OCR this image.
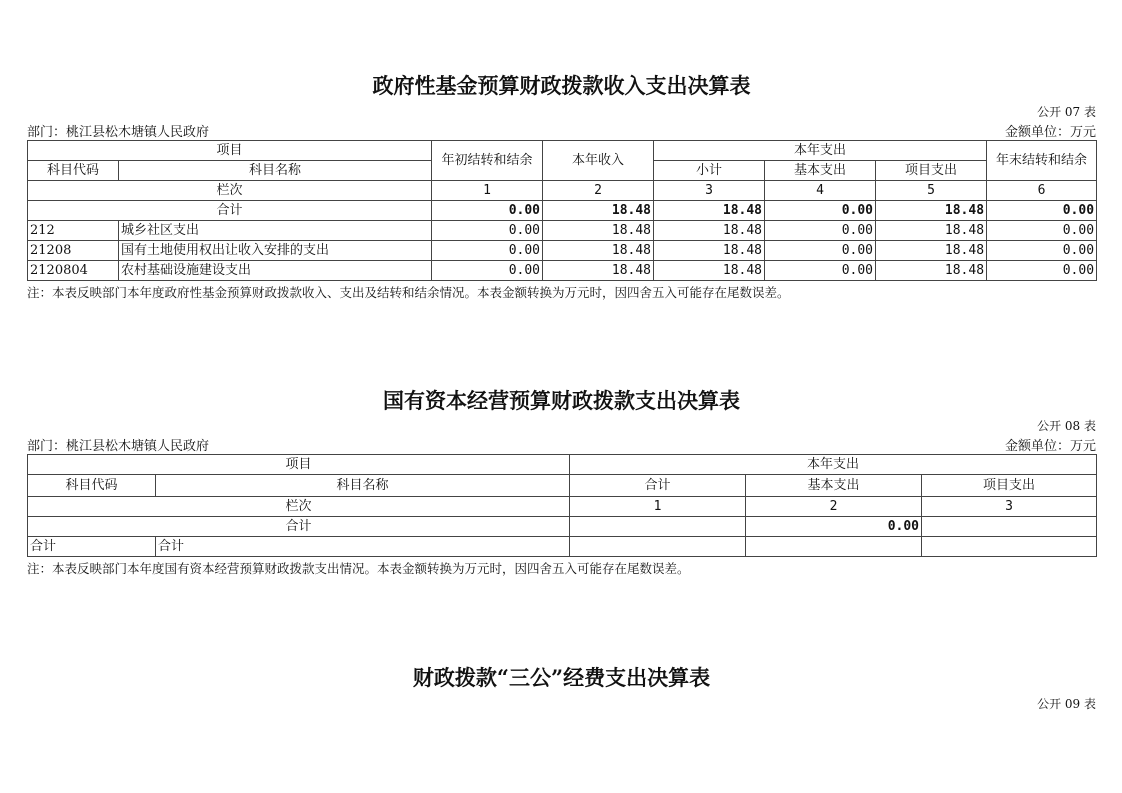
政府性基金预算财政拨款收入支出决算表
公开 07 表
部门：桃江县松木塘镇人民政府	金额单位：万元
项目		年初结转和结余	本年收入	本年支出			年末结转和结余
科目代码	科目名称			小计	基本支出	项目支出	
栏次		1	2	3	4	5	6
合计		0.00	18.48	18.48	0.00	18.48	0.00
212	城乡社区支出	0.00	18.48	18.48	0.00	18.48	0.00
21208	国有土地使用权出让收入安排的支出	0.00	18.48	18.48	0.00	18.48	0.00
2120804	农村基础设施建设支出	0.00	18.48	18.48	0.00	18.48	0.00
注：本表反映部门本年度政府性基金预算财政拨款收入、支出及结转和结余情况。本表金额转换为万元时，因四舍五入可能存在尾数误差。
国有资本经营预算财政拨款支出决算表
公开 08 表
部门：桃江县松木塘镇人民政府	金额单位：万元
项目		本年支出		
科目代码	科目名称	合计	基本支出	项目支出
栏次		1	2	3
合计			0.00	
合计	合计			
注：本表反映部门本年度国有资本经营预算财政拨款支出情况。本表金额转换为万元时，因四舍五入可能存在尾数误差。
财政拨款“三公”经费支出决算表
公开 09 表
